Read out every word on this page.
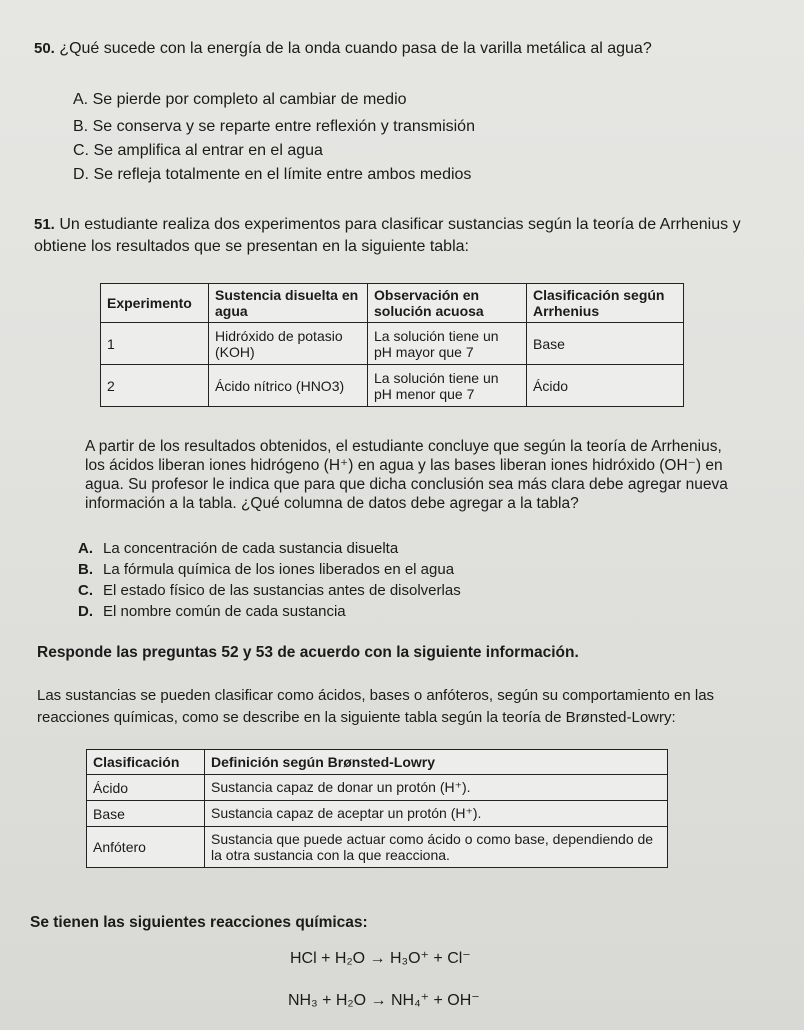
50. ¿Qué sucede con la energía de la onda cuando pasa de la varilla metálica al agua?
A. Se pierde por completo al cambiar de medio
B. Se conserva y se reparte entre reflexión y transmisión
C. Se amplifica al entrar en el agua
D. Se refleja totalmente en el límite entre ambos medios
51. Un estudiante realiza dos experimentos para clasificar sustancias según la teoría de Arrhenius y obtiene los resultados que se presentan en la siguiente tabla:
Experimento	Sustencia disuelta en agua	Observación en solución acuosa	Clasificación según Arrhenius
1	Hidróxido de potasio (KOH)	La solución tiene un pH mayor que 7	Base
2	Ácido nítrico (HNO3)	La solución tiene un pH menor que 7	Ácido
A partir de los resultados obtenidos, el estudiante concluye que según la teoría de Arrhenius, los ácidos liberan iones hidrógeno (H⁺) en agua y las bases liberan iones hidróxido (OH⁻) en agua. Su profesor le indica que para que dicha conclusión sea más clara debe agregar nueva información a la tabla. ¿Qué columna de datos debe agregar a la tabla?
A. La concentración de cada sustancia disuelta
B. La fórmula química de los iones liberados en el agua
C. El estado físico de las sustancias antes de disolverlas
D. El nombre común de cada sustancia
Responde las preguntas 52 y 53 de acuerdo con la siguiente información.
Las sustancias se pueden clasificar como ácidos, bases o anfóteros, según su comportamiento en las reacciones químicas, como se describe en la siguiente tabla según la teoría de Brønsted-Lowry:
Clasificación	Definición según Brønsted-Lowry
Ácido	Sustancia capaz de donar un protón (H⁺).
Base	Sustancia capaz de aceptar un protón (H⁺).
Anfótero	Sustancia que puede actuar como ácido o como base, dependiendo de la otra sustancia con la que reacciona.
Se tienen las siguientes reacciones químicas:
HCl + H₂O → H₃O⁺ + Cl⁻
NH₃ + H₂O → NH₄⁺ + OH⁻
